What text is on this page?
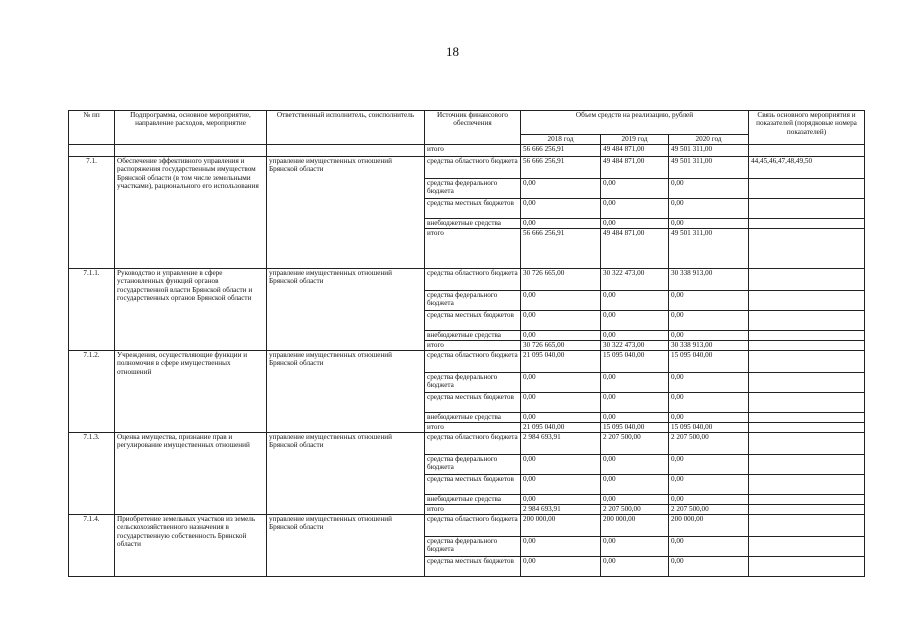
18
№ пп	Подпрограмма, основное мероприятие, направление расходов, мероприятие	Ответственный исполнитель, соисполнитель	Источник финансового обеспечения	Объем средств на реализацию, рублей			Связь основного мероприятия и показателей (порядковые номера показателей)
				2018 год	2019 год	2020 год	
			итого	56 666 256,91	49 484 871,00	49 501 311,00	
7.1.	Обеспечение эффективного управления и распоряжения государственным имуществом Брянской области (в том числе земельными участками), рационального его использования	управление имущественных отношений Брянской области	средства областного бюджета	56 666 256,91	49 484 871,00	49 501 311,00	44,45,46,47,48,49,50
			средства федерального бюджета	0,00	0,00	0,00	
			средства местных бюджетов	0,00	0,00	0,00	
			внебюджетные средства	0,00	0,00	0,00	
			итого	56 666 256,91	49 484 871,00	49 501 311,00	
7.1.1.	Руководство и управление в сфере установленных функций органов государственной власти Брянской области и государственных органов Брянской области	управление имущественных отношений Брянской области	средства областного бюджета	30 726 665,00	30 322 473,00	30 338 913,00	
			средства федерального бюджета	0,00	0,00	0,00	
			средства местных бюджетов	0,00	0,00	0,00	
			внебюджетные средства	0,00	0,00	0,00	
			итого	30 726 665,00	30 322 473,00	30 338 913,00	
7.1.2.	Учреждения, осуществляющие функции и полномочия в сфере имущественных отношений	управление имущественных отношений Брянской области	средства областного бюджета	21 095 040,00	15 095 040,00	15 095 040,00	
			средства федерального бюджета	0,00	0,00	0,00	
			средства местных бюджетов	0,00	0,00	0,00	
			внебюджетные средства	0,00	0,00	0,00	
			итого	21 095 040,00	15 095 040,00	15 095 040,00	
7.1.3.	Оценка имущества, признание прав и регулирование имущественных отношений	управление имущественных отношений Брянской области	средства областного бюджета	2 984 693,91	2 207 500,00	2 207 500,00	
			средства федерального бюджета	0,00	0,00	0,00	
			средства местных бюджетов	0,00	0,00	0,00	
			внебюджетные средства	0,00	0,00	0,00	
			итого	2 984 693,91	2 207 500,00	2 207 500,00	
7.1.4.	Приобретение земельных участков из земель сельскохозяйственного назначения в государственную собственность Брянской области	управление имущественных отношений Брянской области	средства областного бюджета	200 000,00	200 000,00	200 000,00	
			средства федерального бюджета	0,00	0,00	0,00	
			средства местных бюджетов	0,00	0,00	0,00	
